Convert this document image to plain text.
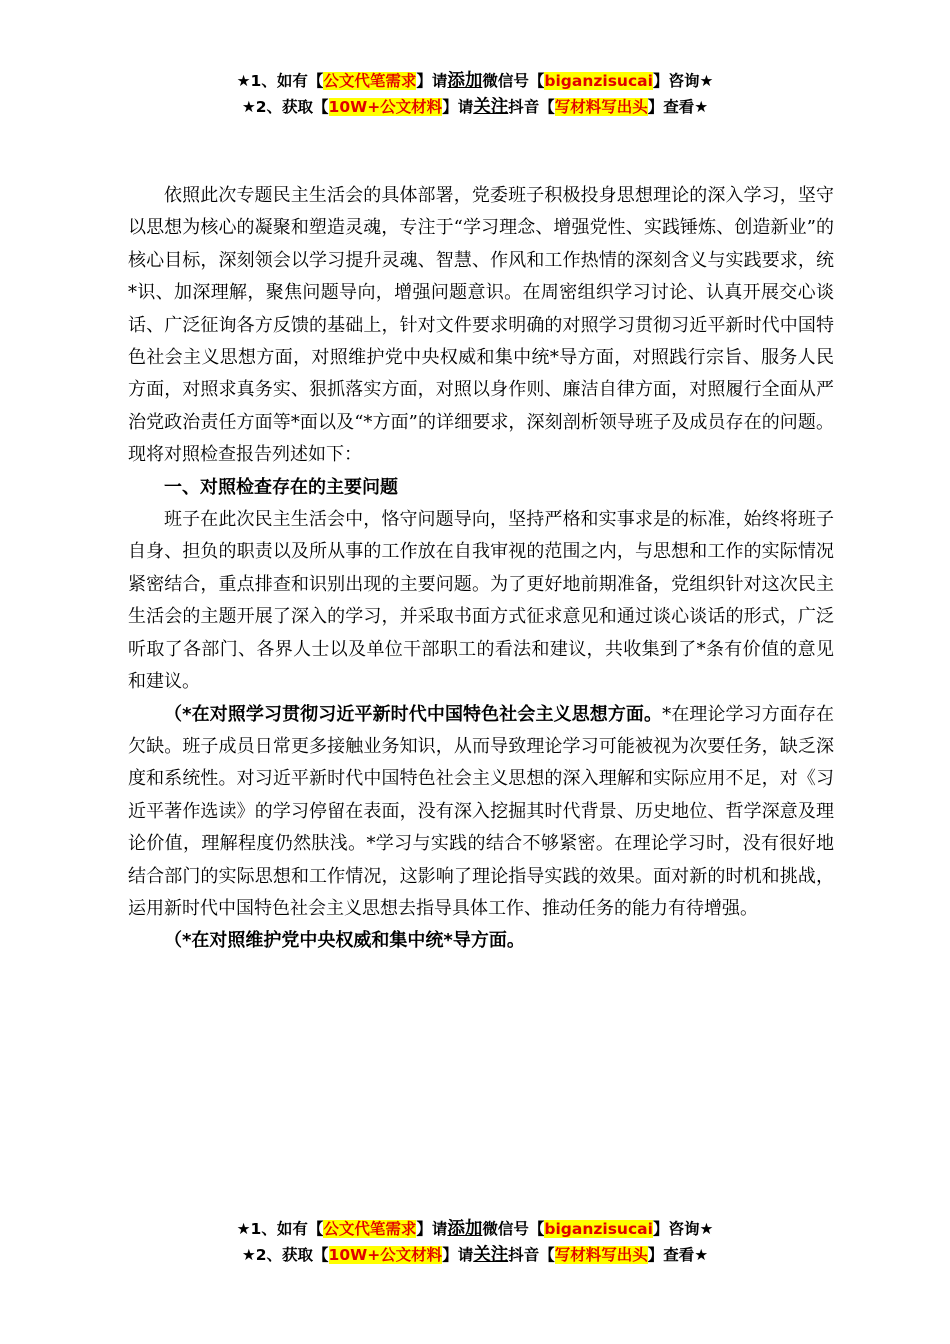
★1、如有【公文代笔需求】请添加微信号【biganzisucai】咨询★
★2、获取【10W+公文材料】请关注抖音【写材料写出头】查看★

依照此次专题民主生活会的具体部署，党委班子积极投身思想理论的深入学习，坚守以思想为核心的凝聚和塑造灵魂，专注于“学习理念、增强党性、实践锤炼、创造新业”的核心目标，深刻领会以学习提升灵魂、智慧、作风和工作热情的深刻含义与实践要求，统*识、加深理解，聚焦问题导向，增强问题意识。在周密组织学习讨论、认真开展交心谈话、广泛征询各方反馈的基础上，针对文件要求明确的对照学习贯彻习近平新时代中国特色社会主义思想方面，对照维护党中央权威和集中统*导方面，对照践行宗旨、服务人民方面，对照求真务实、狠抓落实方面，对照以身作则、廉洁自律方面，对照履行全面从严治党政治责任方面等*面以及“*方面”的详细要求，深刻剖析领导班子及成员存在的问题。现将对照检查报告列述如下：

一、对照检查存在的主要问题

班子在此次民主生活会中，恪守问题导向，坚持严格和实事求是的标准，始终将班子自身、担负的职责以及所从事的工作放在自我审视的范围之内，与思想和工作的实际情况紧密结合，重点排查和识别出现的主要问题。为了更好地前期准备，党组织针对这次民主生活会的主题开展了深入的学习，并采取书面方式征求意见和通过谈心谈话的形式，广泛听取了各部门、各界人士以及单位干部职工的看法和建议，共收集到了*条有价值的意见和建议。

（*在对照学习贯彻习近平新时代中国特色社会主义思想方面。*在理论学习方面存在欠缺。班子成员日常更多接触业务知识，从而导致理论学习可能被视为次要任务，缺乏深度和系统性。对习近平新时代中国特色社会主义思想的深入理解和实际应用不足，对《习近平著作选读》的学习停留在表面，没有深入挖掘其时代背景、历史地位、哲学深意及理论价值，理解程度仍然肤浅。*学习与实践的结合不够紧密。在理论学习时，没有很好地结合部门的实际思想和工作情况，这影响了理论指导实践的效果。面对新的时机和挑战，运用新时代中国特色社会主义思想去指导具体工作、推动任务的能力有待增强。

（*在对照维护党中央权威和集中统*导方面。

★1、如有【公文代笔需求】请添加微信号【biganzisucai】咨询★
★2、获取【10W+公文材料】请关注抖音【写材料写出头】查看★
